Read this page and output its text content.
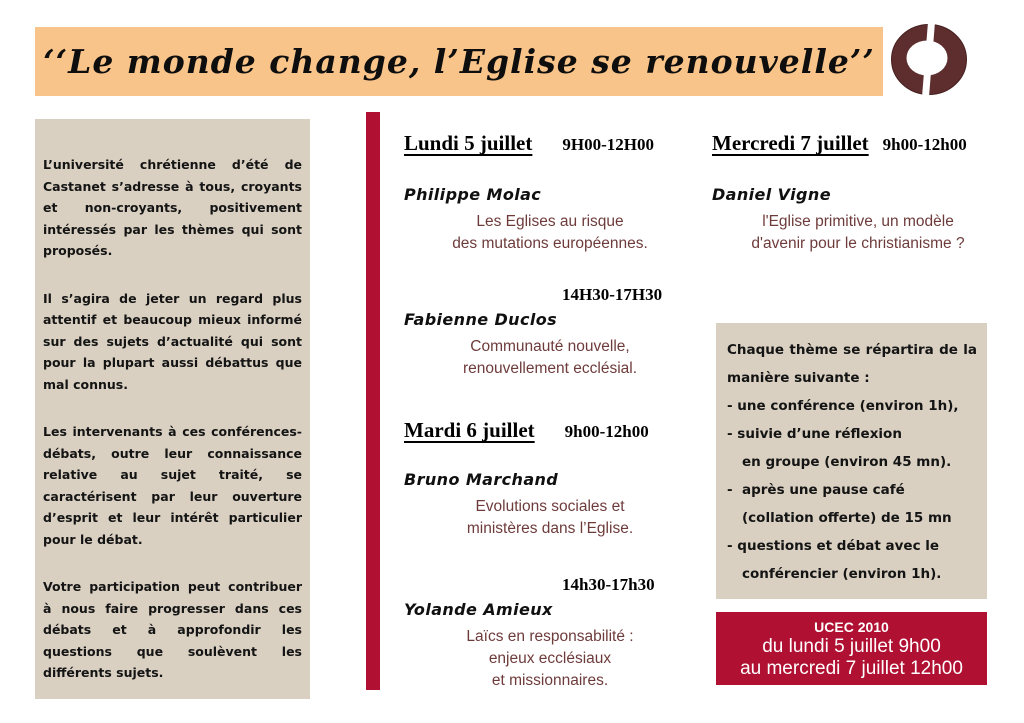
‘‘Le monde change, l’Eglise se renouvelle’’

L’université chrétienne d’été de Castanet s’adresse à tous, croyants et non-croyants, positivement intéressés par les thèmes qui sont proposés.

Il s’agira de jeter un regard plus attentif et beaucoup mieux informé sur des sujets d’actualité qui sont pour la plupart aussi débattus que mal connus.

Les intervenants à ces conférences-débats, outre leur connaissance relative au sujet traité, se caractérisent par leur ouverture d’esprit et leur intérêt particulier pour le débat.

Votre participation peut contribuer à nous faire progresser dans ces débats et à approfondir les questions que soulèvent les différents sujets.

Lundi 5 juillet 9H00-12H00
Philippe Molac
Les Eglises au risque
des mutations européennes.
14H30-17H30
Fabienne Duclos
Communauté nouvelle,
renouvellement ecclésial.
Mardi 6 juillet 9h00-12h00
Bruno Marchand
Evolutions sociales et
ministères dans l’Eglise.
14h30-17h30
Yolande Amieux
Laïcs en responsabilité :
enjeux ecclésiaux
et missionnaires.
Mercredi 7 juillet 9h00-12h00
Daniel Vigne
l'Eglise primitive, un modèle
d'avenir pour le christianisme ?
Chaque thème se répartira de la
manière suivante :
- une conférence (environ 1h),
- suivie d’une réflexion
en groupe (environ 45 mn).
-  après une pause café
(collation offerte) de 15 mn
- questions et débat avec le
conférencier (environ 1h).
UCEC 2010
du lundi 5 juillet 9h00
au mercredi 7 juillet 12h00
